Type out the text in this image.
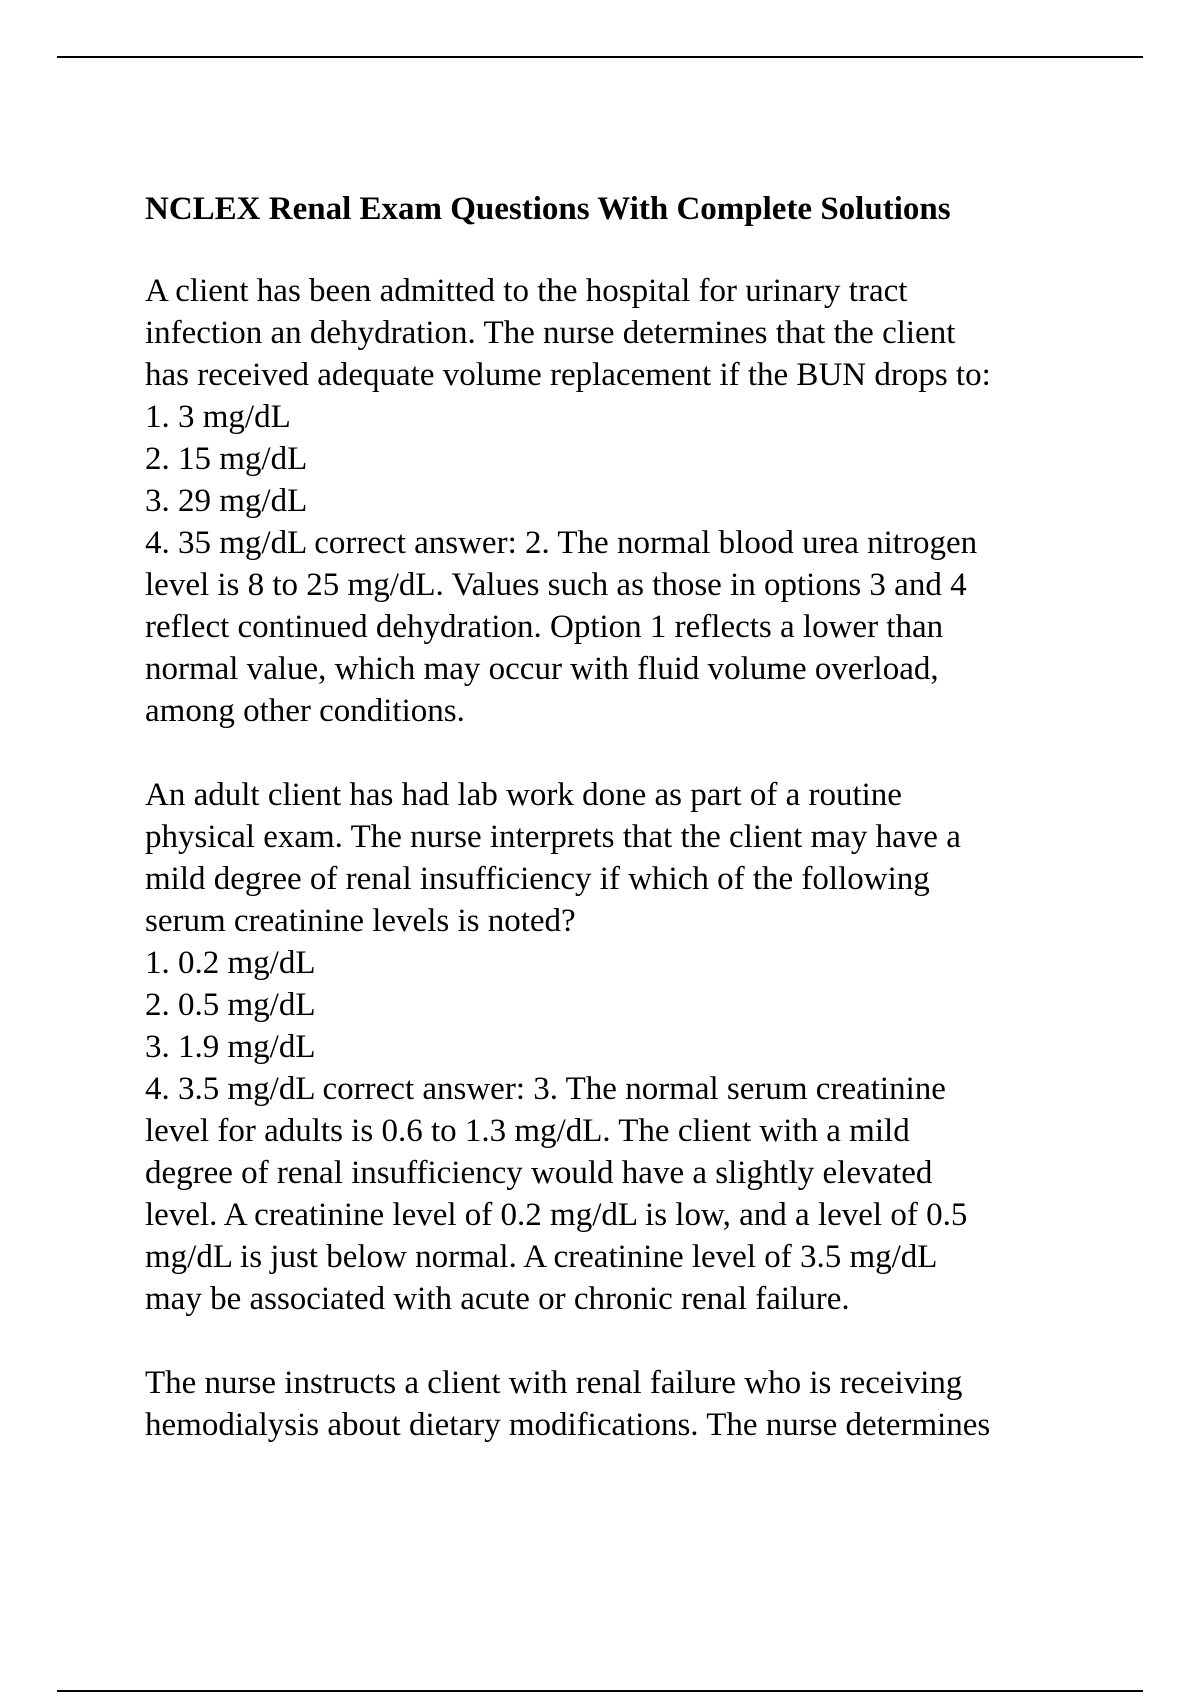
NCLEX Renal Exam Questions With Complete Solutions
A client has been admitted to the hospital for urinary tract
infection an dehydration. The nurse determines that the client
has received adequate volume replacement if the BUN drops to:
1. 3 mg/dL
2. 15 mg/dL
3. 29 mg/dL
4. 35 mg/dL correct answer: 2. The normal blood urea nitrogen
level is 8 to 25 mg/dL. Values such as those in options 3 and 4
reflect continued dehydration. Option 1 reflects a lower than
normal value, which may occur with fluid volume overload,
among other conditions.
An adult client has had lab work done as part of a routine
physical exam. The nurse interprets that the client may have a
mild degree of renal insufficiency if which of the following
serum creatinine levels is noted?
1. 0.2 mg/dL
2. 0.5 mg/dL
3. 1.9 mg/dL
4. 3.5 mg/dL correct answer: 3. The normal serum creatinine
level for adults is 0.6 to 1.3 mg/dL. The client with a mild
degree of renal insufficiency would have a slightly elevated
level. A creatinine level of 0.2 mg/dL is low, and a level of 0.5
mg/dL is just below normal. A creatinine level of 3.5 mg/dL
may be associated with acute or chronic renal failure.
The nurse instructs a client with renal failure who is receiving
hemodialysis about dietary modifications. The nurse determines
